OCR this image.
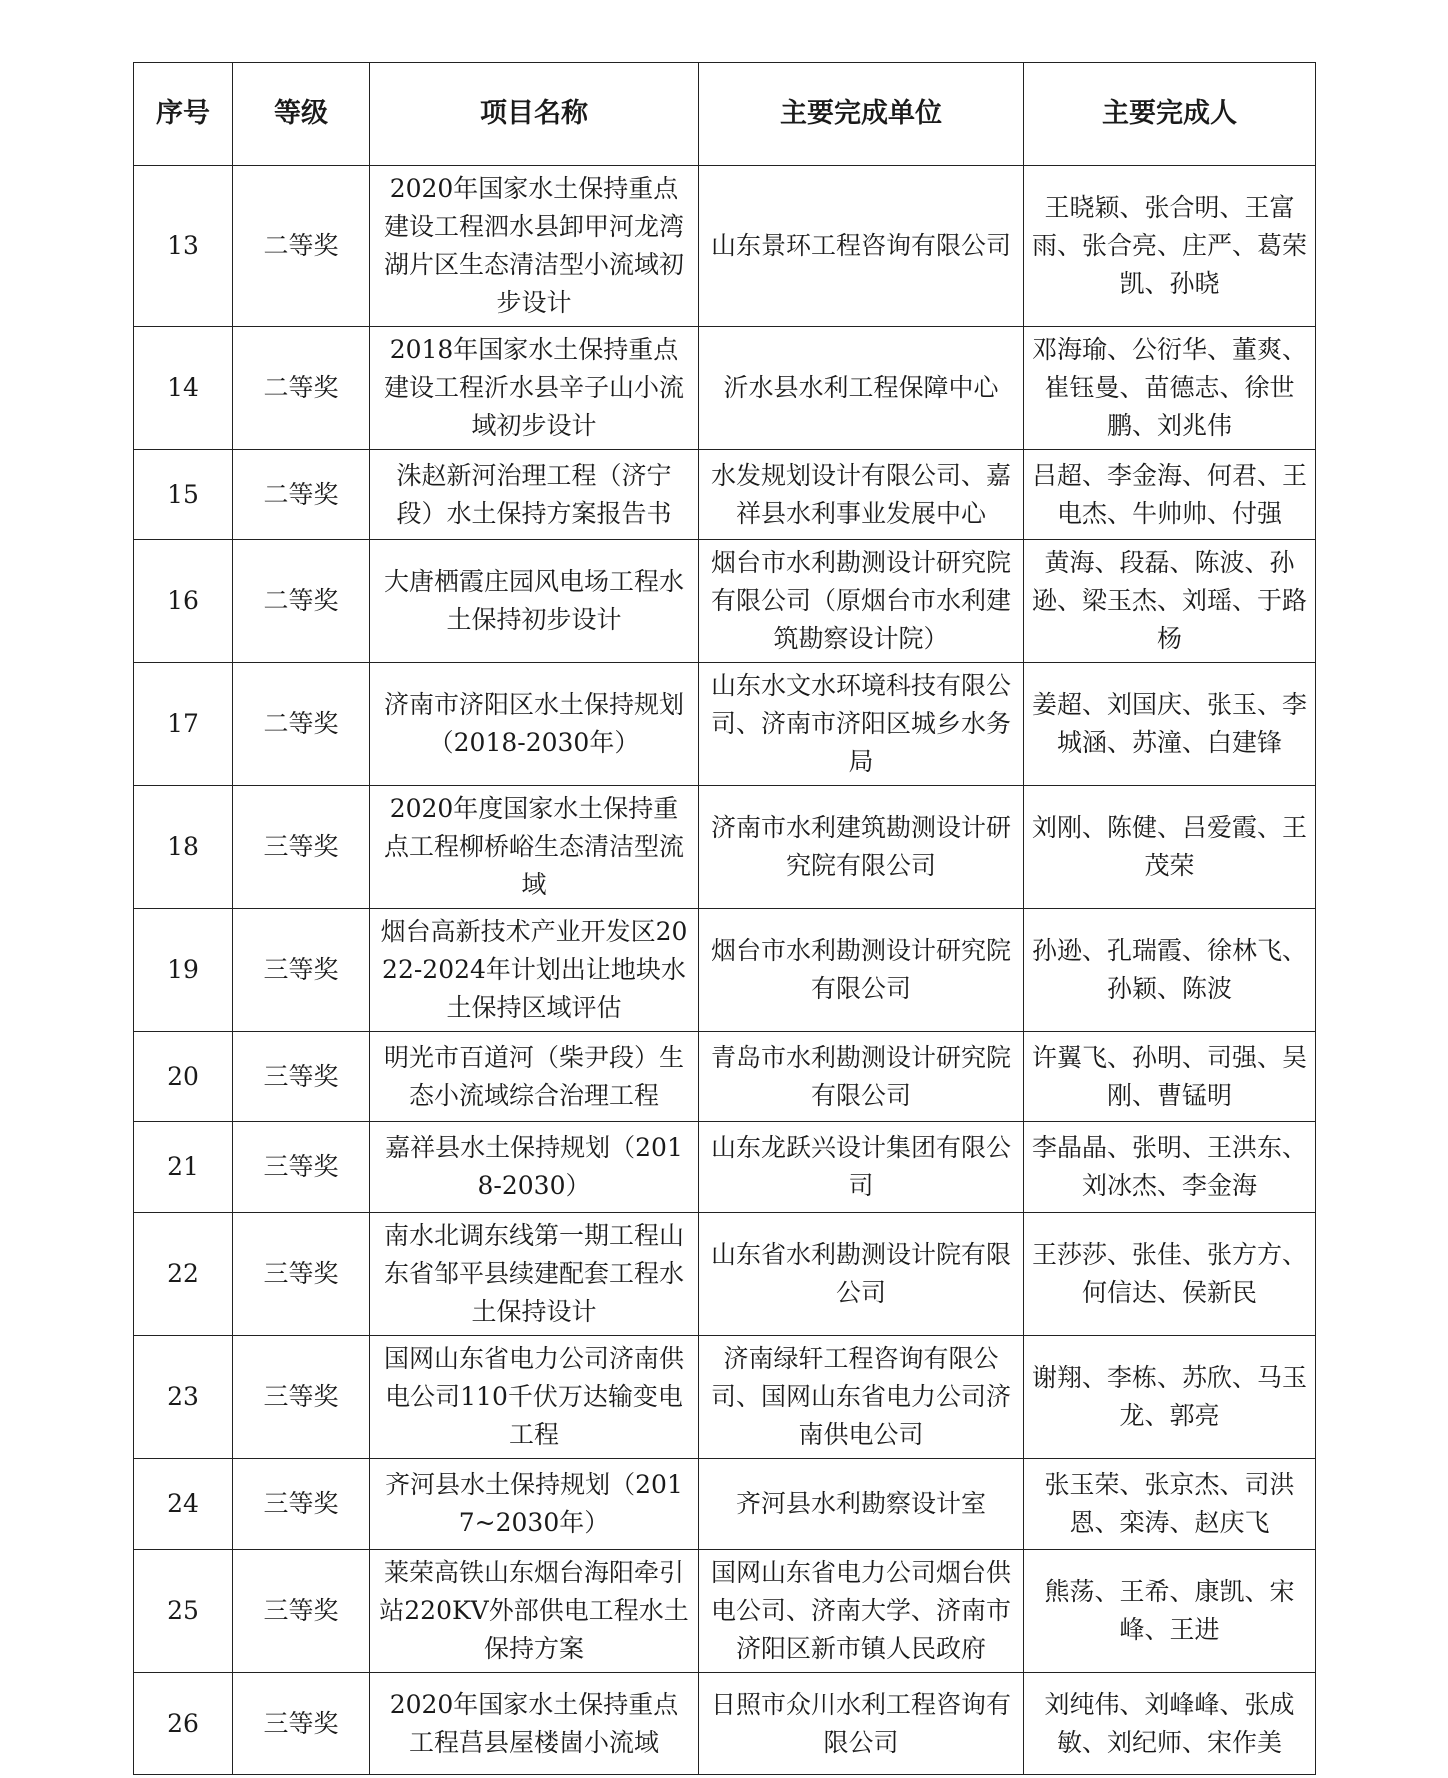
序号	等级	项目名称	主要完成单位	主要完成人
13	二等奖	2020年国家水土保持重点建设工程泗水县卸甲河龙湾湖片区生态清洁型小流域初步设计	山东景环工程咨询有限公司	王晓颖、张合明、王富雨、张合亮、庄严、葛荣凯、孙晓
14	二等奖	2018年国家水土保持重点建设工程沂水县辛子山小流域初步设计	沂水县水利工程保障中心	邓海瑜、公衍华、董爽、崔钰曼、苗德志、徐世鹏、刘兆伟
15	二等奖	洙赵新河治理工程（济宁段）水土保持方案报告书	水发规划设计有限公司、嘉祥县水利事业发展中心	吕超、李金海、何君、王电杰、牛帅帅、付强
16	二等奖	大唐栖霞庄园风电场工程水土保持初步设计	烟台市水利勘测设计研究院有限公司（原烟台市水利建筑勘察设计院）	黄海、段磊、陈波、孙逊、梁玉杰、刘瑶、于路杨
17	二等奖	济南市济阳区水土保持规划（2018-2030年）	山东水文水环境科技有限公司、济南市济阳区城乡水务局	姜超、刘国庆、张玉、李城涵、苏潼、白建锋
18	三等奖	2020年度国家水土保持重点工程柳桥峪生态清洁型流域	济南市水利建筑勘测设计研究院有限公司	刘刚、陈健、吕爱霞、王茂荣
19	三等奖	烟台高新技术产业开发区2022-2024年计划出让地块水土保持区域评估	烟台市水利勘测设计研究院有限公司	孙逊、孔瑞霞、徐林飞、孙颖、陈波
20	三等奖	明光市百道河（柴尹段）生态小流域综合治理工程	青岛市水利勘测设计研究院有限公司	许翼飞、孙明、司强、吴刚、曹锰明
21	三等奖	嘉祥县水土保持规划（2018-2030）	山东龙跃兴设计集团有限公司	李晶晶、张明、王洪东、刘冰杰、李金海
22	三等奖	南水北调东线第一期工程山东省邹平县续建配套工程水土保持设计	山东省水利勘测设计院有限公司	王莎莎、张佳、张方方、何信达、侯新民
23	三等奖	国网山东省电力公司济南供电公司110千伏万达输变电工程	济南绿轩工程咨询有限公司、国网山东省电力公司济南供电公司	谢翔、李栋、苏欣、马玉龙、郭亮
24	三等奖	齐河县水土保持规划（2017~2030年）	齐河县水利勘察设计室	张玉荣、张京杰、司洪恩、栾涛、赵庆飞
25	三等奖	莱荣高铁山东烟台海阳牵引站220KV外部供电工程水土保持方案	国网山东省电力公司烟台供电公司、济南大学、济南市济阳区新市镇人民政府	熊荡、王希、康凯、宋峰、王进
26	三等奖	2020年国家水土保持重点工程莒县屋楼崮小流域	日照市众川水利工程咨询有限公司	刘纯伟、刘峰峰、张成敏、刘纪师、宋作美
